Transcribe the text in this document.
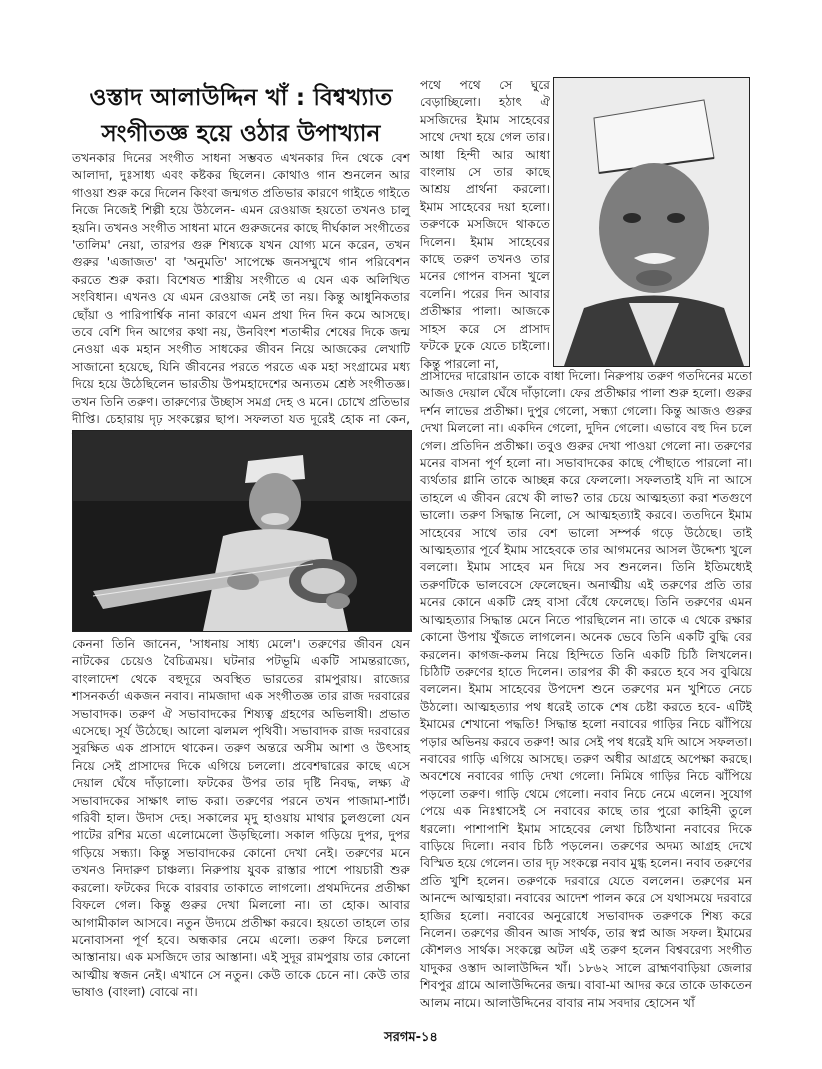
ওস্তাদ আলাউদ্দিন খাঁ : বিশ্বখ্যাত
সংগীতজ্ঞ হয়ে ওঠার উপাখ্যান

তখনকার দিনের সংগীত সাধনা সম্ভবত এখনকার দিন থেকে বেশ আলাদা, দুঃসাধ্য এবং কষ্টকর ছিলেন। কোথাও গান শুনলেন আর গাওয়া শুরু করে দিলেন কিংবা জন্মগত প্রতিভার কারণে গাইতে গাইতে নিজে নিজেই শিল্পী হয়ে উঠলেন- এমন রেওয়াজ হয়তো তখনও চালু হয়নি। তখনও সংগীত সাধনা মানে গুরুজনের কাছে দীর্ঘকাল সংগীতের 'তালিম' নেয়া, তারপর গুরু শিষ্যকে যখন যোগ্য মনে করেন, তখন গুরুর 'এজাজত' বা 'অনুমতি' সাপেক্ষে জনসম্মুখে গান পরিবেশন করতে শুরু করা। বিশেষত শাস্ত্রীয় সংগীতে এ যেন এক অলিখিত সংবিধান। এখনও যে এমন রেওয়াজ নেই তা নয়। কিন্তু আধুনিকতার ছোঁয়া ও পারিপার্শ্বিক নানা কারণে এমন প্রথা দিন দিন কমে আসছে। তবে বেশি দিন আগের কথা নয়, উনবিংশ শতাব্দীর শেষের দিকে জন্ম নেওয়া এক মহান সংগীত সাধকের জীবন নিয়ে আজকের লেখাটি সাজানো হয়েছে, যিনি জীবনের পরতে পরতে এক মহা সংগ্রামের মধ্য দিয়ে হয়ে উঠেছিলেন ভারতীয় উপমহাদেশের অন্যতম শ্রেষ্ঠ সংগীতজ্ঞ। তখন তিনি তরুণ। তারুণ্যের উচ্ছাস সমগ্র দেহ ও মনে। চোখে প্রতিভার দীপ্তি। চেহারায় দৃঢ় সংকল্পের ছাপ। সফলতা যত দূরেই হোক না কেন,

কেননা তিনি জানেন, 'সাধনায় সাধ্য মেলে'। তরুণের জীবন যেন নাটকের চেয়েও বৈচিত্রময়। ঘটনার পটভূমি একটি সামন্তরাজ্যে, বাংলাদেশ থেকে বহুদূরে অবস্থিত ভারতের রামপুরায়। রাজ্যের শাসনকর্তা একজন নবাব। নামজাদা এক সংগীতজ্ঞ তার রাজ দরবারের সভাবাদক। তরুণ ঐ সভাবাদকের শিষ্যত্ব গ্রহণের অভিলাষী। প্রভাত এসেছে। সূর্য উঠেছে। আলো ঝলমল পৃথিবী। সভাবাদক রাজ দরবারের সুরক্ষিত এক প্রাসাদে থাকেন। তরুণ অন্তরে অসীম আশা ও উৎসাহ নিয়ে সেই প্রাসাদের দিকে এগিয়ে চললো। প্রবেশদ্বারের কাছে এসে দেয়াল ঘেঁষে দাঁড়ালো। ফটকের উপর তার দৃষ্টি নিবদ্ধ, লক্ষ্য ঐ সভাবাদকের সাক্ষাৎ লাভ করা। তরুণের পরনে তখন পাজামা-শার্ট। গরিবী হাল। উদাস দেহ। সকালের মৃদু হাওয়ায় মাথার চুলগুলো যেন পাটের রশির মতো এলোমেলো উড়ছিলো। সকাল গড়িয়ে দুপর, দুপর গড়িয়ে সন্ধ্যা। কিন্তু সভাবাদকের কোনো দেখা নেই। তরুণের মনে তখনও নিদারুণ চাঞ্চল্য। নিরুপায় যুবক রাস্তার পাশে পায়চারী শুরু করলো। ফটকের দিকে বারবার তাকাতে লাগলো। প্রথমদিনের প্রতীক্ষা বিফলে গেল। কিন্তু গুরুর দেখা মিললো না। তা হোক। আবার আগামীকাল আসবে। নতুন উদ্যমে প্রতীক্ষা করবে। হয়তো তাহলে তার মনোবাসনা পূর্ণ হবে। অন্ধকার নেমে এলো। তরুণ ফিরে চললো আস্তানায়। এক মসজিদে তার আস্তানা। এই সুদূর রামপুরায় তার কোনো আত্মীয় স্বজন নেই। এখানে সে নতুন। কেউ তাকে চেনে না। কেউ তার ভাষাও (বাংলা) বোঝে না।

পথে পথে সে ঘুরে বেড়াচ্ছিলো। হঠাৎ ঐ মসজিদের ইমাম সাহেবের সাথে দেখা হয়ে গেল তার। আধা হিন্দী আর আধা বাংলায় সে তার কাছে আশ্রয় প্রার্থনা করলো। ইমাম সাহেবের দয়া হলো। তরুণকে মসজিদে থাকতে দিলেন। ইমাম সাহেবের কাছে তরুণ তখনও তার মনের গোপন বাসনা খুলে বলেনি। পরের দিন আবার প্রতীক্ষার পালা। আজকে সাহস করে সে প্রাসাদ ফটকে ঢুকে যেতে চাইলো। কিন্তু পারলো না,

প্রাসাদের দারোয়ান তাকে বাধা দিলো। নিরুপায় তরুণ গতদিনের মতো আজও দেয়াল ঘেঁষে দাঁড়ালো। ফের প্রতীক্ষার পালা শুরু হলো। গুরুর দর্শন লাভের প্রতীক্ষা। দুপুর গেলো, সন্ধ্যা গেলো। কিন্তু আজও গুরুর দেখা মিললো না। একদিন গেলো, দুদিন গেলো। এভাবে বহু দিন চলে গেল। প্রতিদিন প্রতীক্ষা। তবুও গুরুর দেখা পাওয়া গেলো না। তরুণের মনের বাসনা পূর্ণ হলো না। সভাবাদকের কাছে পৌছাতে পারলো না। ব্যর্থতার গ্লানি তাকে আচ্ছন্ন করে ফেললো। সফলতাই যদি না আসে তাহলে এ জীবন রেখে কী লাভ? তার চেয়ে আত্মহত্যা করা শতগুণে ভালো। তরুণ সিদ্ধান্ত নিলো, সে আত্মহত্যাই করবে। ততদিনে ইমাম সাহেবের সাথে তার বেশ ভালো সম্পর্ক গড়ে উঠেছে। তাই আত্মহত্যার পূর্বে ইমাম সাহেবকে তার আগমনের আসল উদ্দেশ্য খুলে বললো। ইমাম সাহেব মন দিয়ে সব শুনলেন। তিনি ইতিমধ্যেই তরুণটিকে ভালবেসে ফেলেছেন। অনাত্মীয় এই তরুণের প্রতি তার মনের কোনে একটি স্নেহ বাসা বেঁধে ফেলেছে। তিনি তরুণের এমন আত্মহত্যার সিদ্ধান্ত মেনে নিতে পারছিলেন না। তাকে এ থেকে রক্ষার কোনো উপায় খুঁজতে লাগলেন। অনেক ভেবে তিনি একটি বুদ্ধি বের করলেন। কাগজ-কলম নিয়ে হিন্দিতে তিনি একটি চিঠি লিখলেন। চিঠিটি তরুণের হাতে দিলেন। তারপর কী কী করতে হবে সব বুঝিয়ে বললেন। ইমাম সাহেবের উপদেশ শুনে তরুণের মন খুশিতে নেচে উঠলো। আত্মহত্যার পথ ধরেই তাকে শেষ চেষ্টা করতে হবে- এটিই ইমামের শেখানো পদ্ধতি! সিদ্ধান্ত হলো নবাবের গাড়ির নিচে ঝাঁপিয়ে পড়ার অভিনয় করবে তরুণ! আর সেই পথ ধরেই যদি আসে সফলতা। নবাবের গাড়ি এগিয়ে আসছে। তরুণ অধীর আগ্রহে অপেক্ষা করছে। অবশেষে নবাবের গাড়ি দেখা গেলো। নিমিষে গাড়ির নিচে ঝাঁপিয়ে পড়লো তরুণ। গাড়ি থেমে গেলো। নবাব নিচে নেমে এলেন। সুযোগ পেয়ে এক নিঃশ্বাসেই সে নবাবের কাছে তার পুরো কাহিনী তুলে ধরলো। পাশাপাশি ইমাম সাহেবের লেখা চিঠিখানা নবাবের দিকে বাড়িয়ে দিলো। নবাব চিঠি পড়লেন। তরুণের অদম্য আগ্রহ দেখে বিস্মিত হয়ে গেলেন। তার দৃঢ় সংকল্পে নবাব মুগ্ধ হলেন। নবাব তরুণের প্রতি খুশি হলেন। তরুণকে দরবারে যেতে বললেন। তরুণের মন আনন্দে আত্মহারা। নবাবের আদেশ পালন করে সে যথাসময়ে দরবারে হাজির হলো। নবাবের অনুরোধে সভাবাদক তরুণকে শিষ্য করে নিলেন। তরুণের জীবন আজ সার্থক, তার স্বপ্ন আজ সফল। ইমামের কৌশলও সার্থক। সংকল্পে অটল এই তরুণ হলেন বিশ্ববরেণ্য সংগীত যাদুকর ওস্তাদ আলাউদ্দিন খাঁ। ১৮৬২ সালে ব্রাহ্মণবাড়িয়া জেলার শিবপুর গ্রামে আলাউদ্দিনের জন্ম। বাবা-মা আদর করে তাকে ডাকতেন আলম নামে। আলাউদ্দিনের বাবার নাম সবদার হোসেন খাঁ

সরগম-১৪
